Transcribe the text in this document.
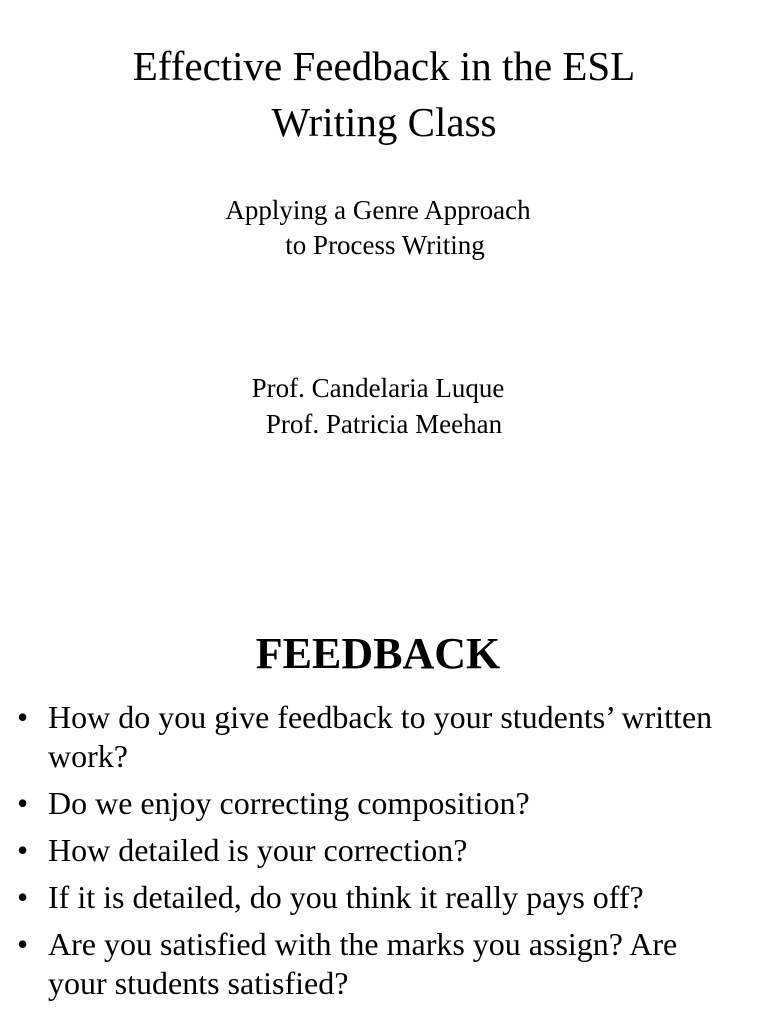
Effective Feedback in the ESL
Writing Class
Applying a Genre Approach
to Process Writing
Prof. Candelaria Luque
Prof. Patricia Meehan
FEEDBACK
• How do you give feedback to your students’ written work?
• Do we enjoy correcting composition?
• How detailed is your correction?
• If it is detailed, do you think it really pays off?
• Are you satisfied with the marks you assign? Are your students satisfied?
